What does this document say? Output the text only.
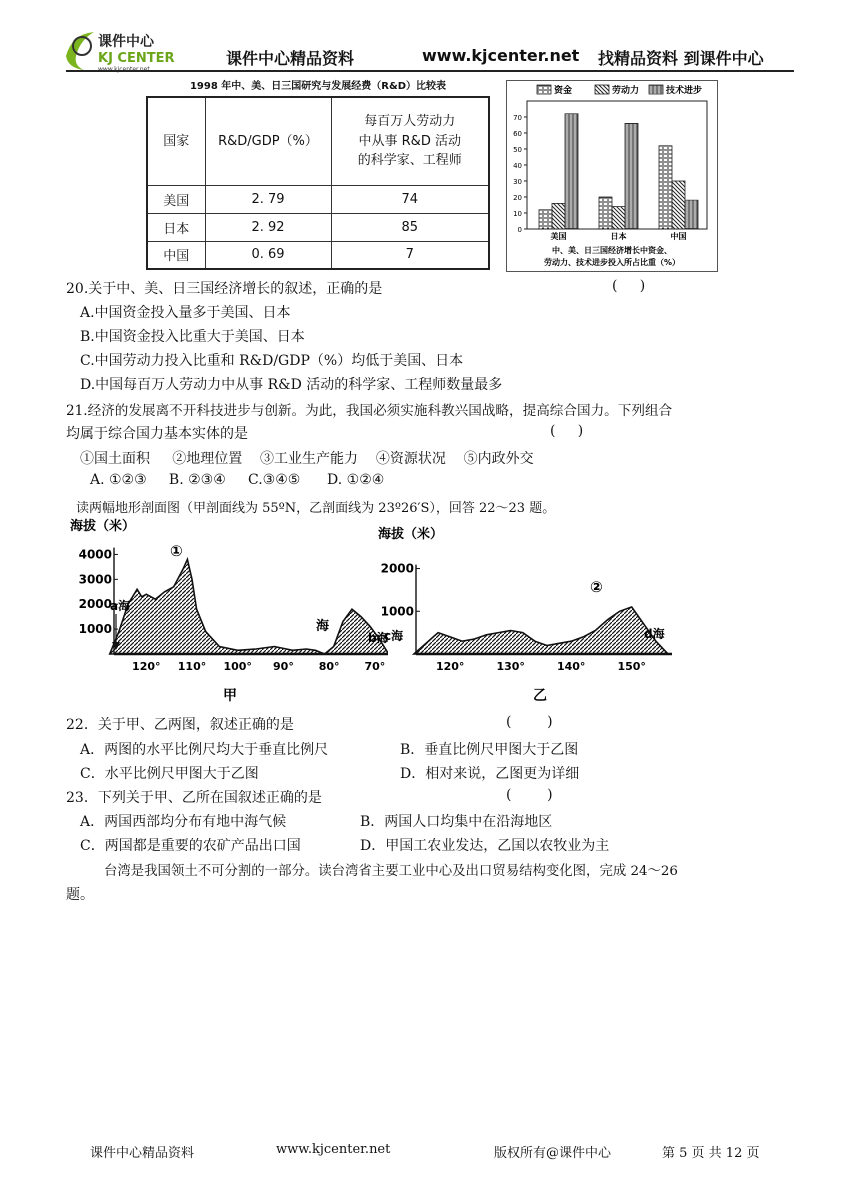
课件中心
KJ CENTER	课件中心精品资料	www.kjcenter.net 找精品资料 到课件中心
1998 年中、美、日三国研究与发展经费（R&D）比较表
国家	R&D/GDP（%）	每百万人劳动力
中从事 R&D 活动
的科学家、工程师
美国	2. 79	74
日本	2. 92	85
中国	0. 69	7
资金	劳动力	技术进步
0
10
20
30
40
50
60
70
美国	日本	中国
中、美、日三国经济增长中资金、
劳动力、技术进步投入所占比重（%）
20.关于中、美、日三国经济增长的叙述，正确的是	(     )
A.中国资金投入量多于美国、日本
B.中国资金投入比重大于美国、日本
C.中国劳动力投入比重和 R&D/GDP（%）均低于美国、日本
D.中国每百万人劳动力中从事 R&D 活动的科学家、工程师数量最多
21.经济的发展离不开科技进步与创新。为此，我国必须实施科教兴国战略，提高综合国力。下列组合
均属于综合国力基本实体的是	(     )
①国土面积     ②地理位置    ③工业生产能力    ④资源状况    ⑤内政外交
A. ①②③     B. ②③④     C.③④⑤      D. ①②④
读两幅地形剖面图（甲剖面线为 55ºN，乙剖面线为 23º26′S），回答 22～23 题。
海拔（米）
1000
2000
3000
4000
120° 110° 100° 90° 80° 70°
甲
a海
海
b海
①
海拔（米）
1000
2000
120°	130°	140°	150°
乙
c海	d海
②
22．关于甲、乙两图，叙述正确的是	(        )
A．两图的水平比例尺均大于垂直比例尺	B．垂直比例尺甲图大于乙图
C．水平比例尺甲图大于乙图	D．相对来说，乙图更为详细
23．下列关于甲、乙所在国叙述正确的是	(        )
A．两国西部均分布有地中海气候	B．两国人口均集中在沿海地区
C．两国都是重要的农矿产品出口国	D．甲国工农业发达，乙国以农牧业为主
台湾是我国领土不可分割的一部分。读台湾省主要工业中心及出口贸易结构变化图，完成 24～26
题。
课件中心精品资料	www.kjcenter.net	版权所有@课件中心	第 5 页 共 12 页
